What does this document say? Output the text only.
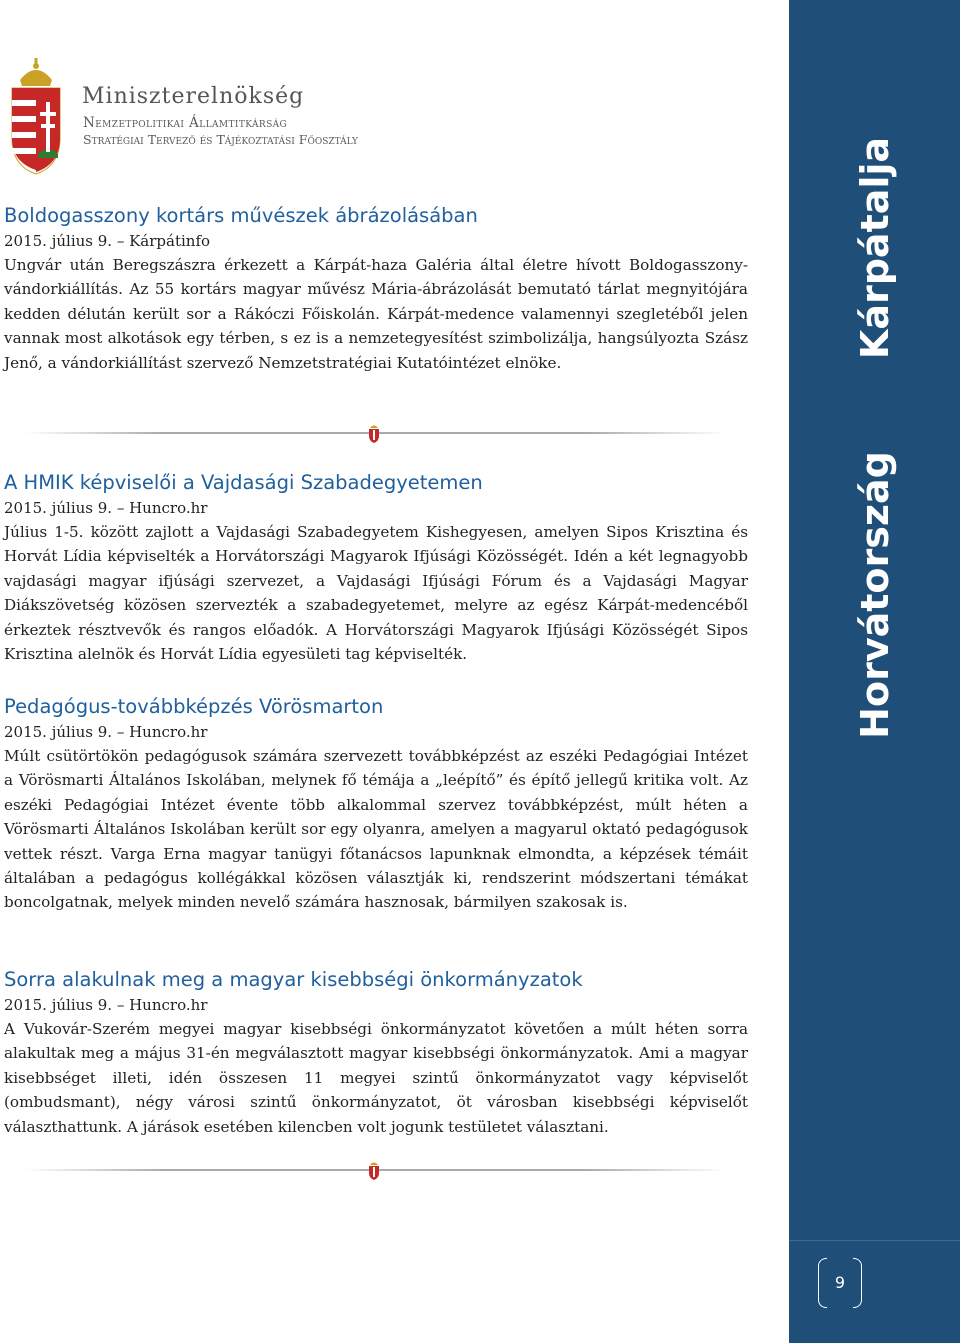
Kárpátalja
Horvátország
9
Miniszterelnökség
Nemzetpolitikai Államtitkárság
Stratégiai Tervező és Tájékoztatási Főosztály
Boldogasszony kortárs művészek ábrázolásában
2015. július 9. – Kárpátinfo

Ungvár után Beregszászra érkezett a Kárpát-haza Galéria által életre hívott Boldogasszony-vándorkiállítás. Az 55 kortárs magyar művész Mária-ábrázolását bemutató tárlat megnyitójára kedden délután került sor a Rákóczi Főiskolán. Kárpát-medence valamennyi szegletéből jelen vannak most alkotások egy térben, s ez is a nemzetegyesítést szimbolizálja, hangsúlyozta Szász Jenő, a vándorkiállítást szervező Nemzetstratégiai Kutatóintézet elnöke.

A HMIK képviselői a Vajdasági Szabadegyetemen
2015. július 9. – Huncro.hr

Július 1-5. között zajlott a Vajdasági Szabadegyetem Kishegyesen, amelyen Sipos Krisztina és Horvát Lídia képviselték a Horvátországi Magyarok Ifjúsági Közösségét. Idén a két legnagyobb vajdasági magyar ifjúsági szervezet, a Vajdasági Ifjúsági Fórum és a Vajdasági Magyar Diákszövetség közösen szervezték a szabadegyetemet, melyre az egész Kárpát-medencéből érkeztek résztvevők és rangos előadók. A Horvátországi Magyarok Ifjúsági Közösségét Sipos Krisztina alelnök és Horvát Lídia egyesületi tag képviselték.

Pedagógus-továbbképzés Vörösmarton
2015. július 9. – Huncro.hr

Múlt csütörtökön pedagógusok számára szervezett továbbképzést az eszéki Pedagógiai Intézet a Vörösmarti Általános Iskolában, melynek fő témája a „leépítő” és építő jellegű kritika volt. Az eszéki Pedagógiai Intézet évente több alkalommal szervez továbbképzést, múlt héten a Vörösmarti Általános Iskolában került sor egy olyanra, amelyen a magyarul oktató pedagógusok vettek részt. Varga Erna magyar tanügyi főtanácsos lapunknak elmondta, a képzések témáit általában a pedagógus kollégákkal közösen választják ki, rendszerint módszertani témákat boncolgatnak, melyek minden nevelő számára hasznosak, bármilyen szakosak is.

Sorra alakulnak meg a magyar kisebbségi önkormányzatok
2015. július 9. – Huncro.hr

A Vukovár-Szerém megyei magyar kisebbségi önkormányzatot követően a múlt héten sorra alakultak meg a május 31-én megválasztott magyar kisebbségi önkormányzatok. Ami a magyar kisebbséget illeti, idén összesen 11 megyei szintű önkormányzatot vagy képviselőt (ombudsmant), négy városi szintű önkormányzatot, öt városban kisebbségi képviselőt választhattunk. A járások esetében kilencben volt jogunk testületet választani.
